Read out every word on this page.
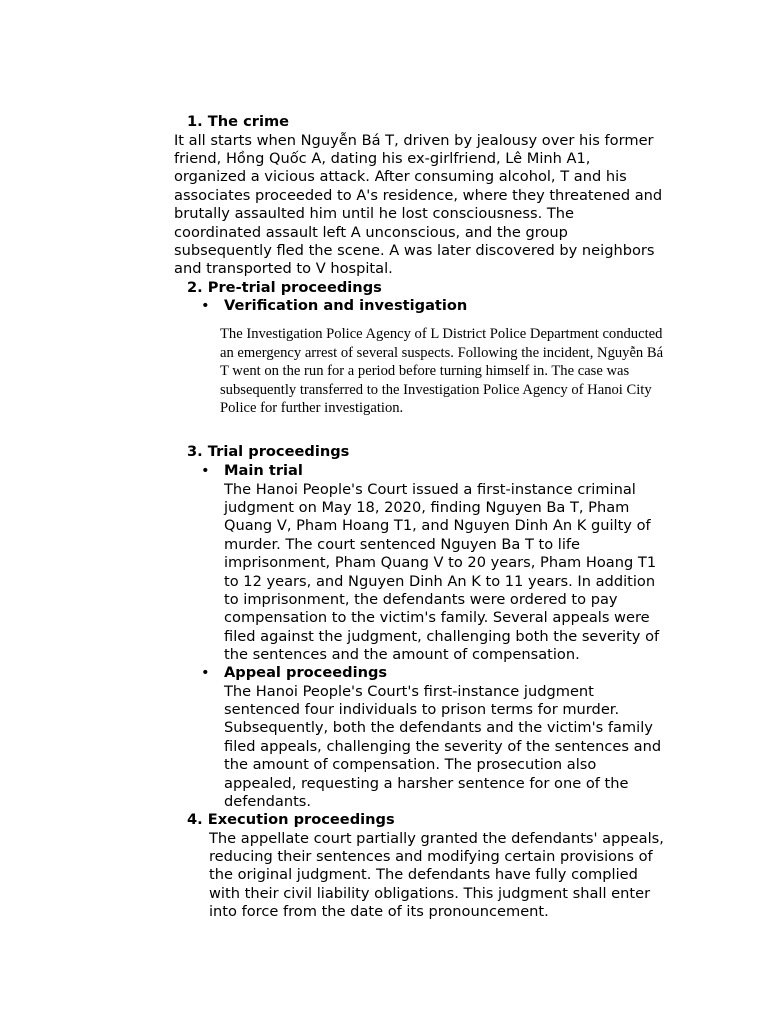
1. The crime
It all starts when Nguyễn Bá T, driven by jealousy over his former
friend, Hồng Quốc A, dating his ex-girlfriend, Lê Minh A1,
organized a vicious attack. After consuming alcohol, T and his
associates proceeded to A's residence, where they threatened and
brutally assaulted him until he lost consciousness. The
coordinated assault left A unconscious, and the group
subsequently fled the scene. A was later discovered by neighbors
and transported to V hospital.
2. Pre-trial proceedings
• Verification and investigation
The Investigation Police Agency of L District Police Department conducted
an emergency arrest of several suspects. Following the incident, Nguyễn Bá
T went on the run for a period before turning himself in. The case was
subsequently transferred to the Investigation Police Agency of Hanoi City
Police for further investigation.
3. Trial proceedings
• Main trial
The Hanoi People's Court issued a first-instance criminal
judgment on May 18, 2020, finding Nguyen Ba T, Pham
Quang V, Pham Hoang T1, and Nguyen Dinh An K guilty of
murder. The court sentenced Nguyen Ba T to life
imprisonment, Pham Quang V to 20 years, Pham Hoang T1
to 12 years, and Nguyen Dinh An K to 11 years. In addition
to imprisonment, the defendants were ordered to pay
compensation to the victim's family. Several appeals were
filed against the judgment, challenging both the severity of
the sentences and the amount of compensation.
• Appeal proceedings
The Hanoi People's Court's first-instance judgment
sentenced four individuals to prison terms for murder.
Subsequently, both the defendants and the victim's family
filed appeals, challenging the severity of the sentences and
the amount of compensation. The prosecution also
appealed, requesting a harsher sentence for one of the
defendants.
4. Execution proceedings
The appellate court partially granted the defendants' appeals,
reducing their sentences and modifying certain provisions of
the original judgment. The defendants have fully complied
with their civil liability obligations. This judgment shall enter
into force from the date of its pronouncement.
